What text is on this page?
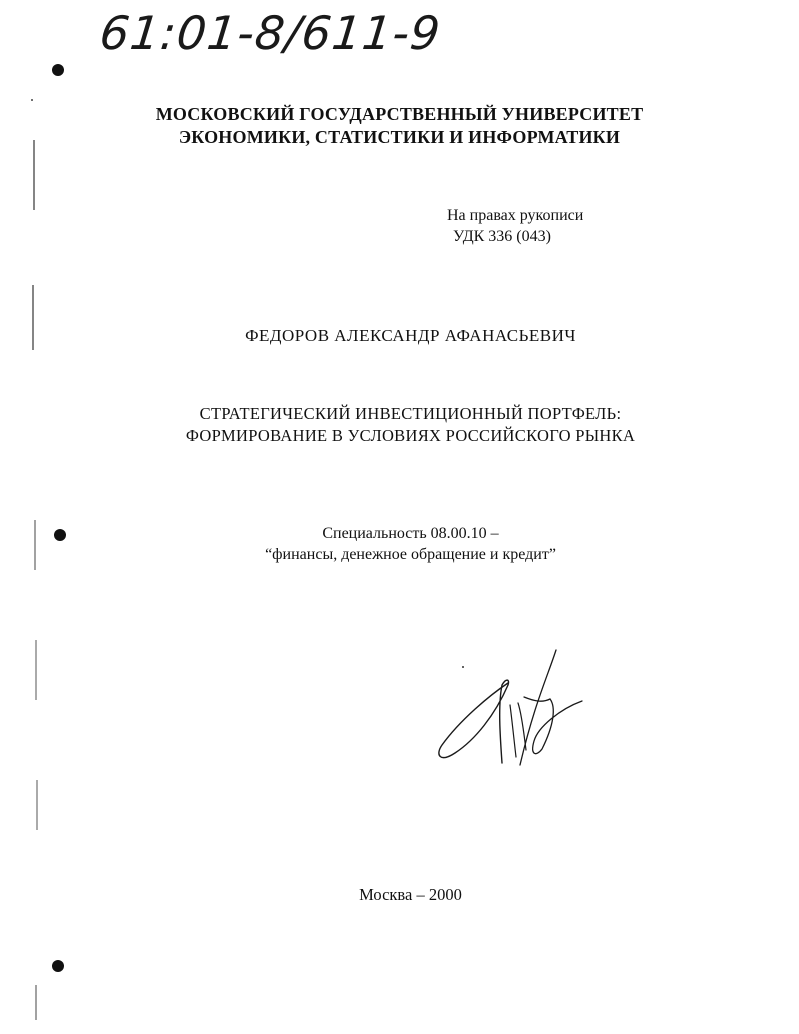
61:01-8/611-9
МОСКОВСКИЙ ГОСУДАРСТВЕННЫЙ УНИВЕРСИТЕТ
ЭКОНОМИКИ, СТАТИСТИКИ И ИНФОРМАТИКИ
На правах рукописи
УДК 336 (043)
ФЕДОРОВ АЛЕКСАНДР АФАНАСЬЕВИЧ
СТРАТЕГИЧЕСКИЙ ИНВЕСТИЦИОННЫЙ ПОРТФЕЛЬ:
ФОРМИРОВАНИЕ В УСЛОВИЯХ РОССИЙСКОГО РЫНКА
Специальность 08.00.10 –
“финансы, денежное обращение и кредит”
Москва – 2000
